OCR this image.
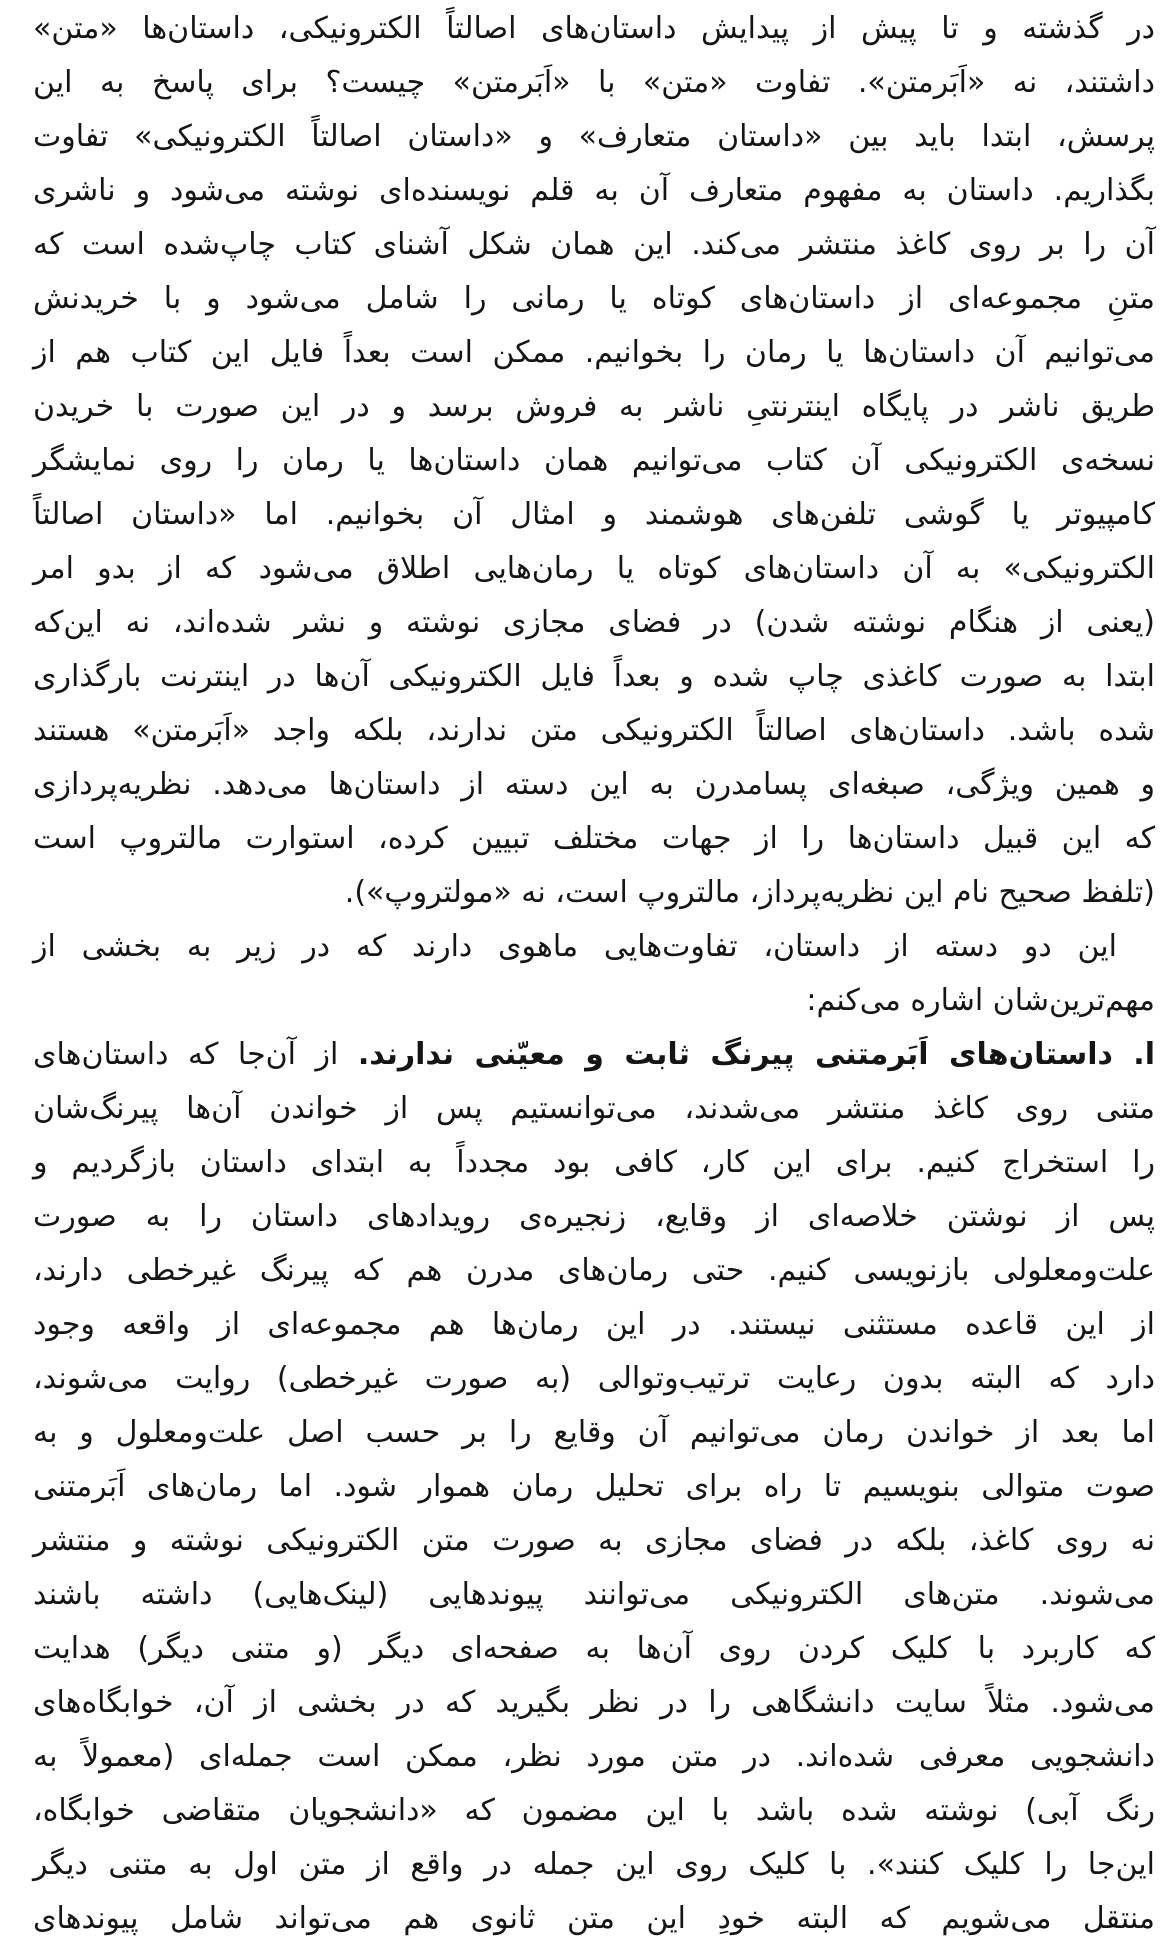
در گذشته و تا پیش از پیدایش داستان‌های اصالتاً الکترونیکی، داستان‌ها «متن»
داشتند، نه «اَبَرمتن». تفاوت «متن» با «اَبَرمتن» چیست؟ برای پاسخ به این
پرسش، ابتدا باید بین «داستان متعارف» و «داستان اصالتاً الکترونیکی» تفاوت
بگذاریم. داستان به مفهوم متعارف آن به قلم نویسنده‌ای نوشته می‌شود و ناشری
آن را بر روی کاغذ منتشر می‌کند. این همان شکل آشنای کتاب چاپ‌شده است که
متنِ مجموعه‌ای از داستان‌های کوتاه یا رمانی را شامل می‌شود و با خریدنش
می‌توانیم آن داستان‌ها یا رمان را بخوانیم. ممکن است بعداً فایل این کتاب هم از
طریق ناشر در پایگاه اینترنتیِ ناشر به فروش برسد و در این صورت با خریدن
نسخه‌ی الکترونیکی آن کتاب می‌توانیم همان داستان‌ها یا رمان را روی نمایشگر
کامپیوتر یا گوشی تلفن‌های هوشمند و امثال آن بخوانیم. اما «داستان اصالتاً
الکترونیکی» به آن داستان‌های کوتاه یا رمان‌هایی اطلاق می‌شود که از بدو امر
(یعنی از هنگام نوشته شدن) در فضای مجازی نوشته و نشر شده‌اند، نه این‌که
ابتدا به صورت کاغذی چاپ شده و بعداً فایل الکترونیکی آن‌ها در اینترنت بارگذاری
شده باشد. داستان‌های اصالتاً الکترونیکی متن ندارند، بلکه واجد «اَبَرمتن» هستند
و همین ویژگی، صبغه‌ای پسامدرن به این دسته از داستان‌ها می‌دهد. نظریه‌پردازی
که این قبیل داستان‌ها را از جهات مختلف تبیین کرده، استوارت مالتروپ است
(تلفظ صحیح نام این نظریه‌پرداز، مالتروپ است، نه «مولتروپ»).
این دو دسته از داستان، تفاوت‌هایی ماهوی دارند که در زیر به بخشی از
مهم‌ترین‌شان اشاره می‌کنم:
ا. داستان‌های اَبَرمتنی پیرنگ ثابت و معیّنی ندارند. از آن‌جا که داستان‌های
متنی روی کاغذ منتشر می‌شدند، می‌توانستیم پس از خواندن آن‌ها پیرنگ‌شان
را استخراج کنیم. برای این کار، کافی بود مجدداً به ابتدای داستان بازگردیم و
پس از نوشتن خلاصه‌ای از وقایع، زنجیره‌ی رویدادهای داستان را به صورت
علت‌ومعلولی بازنویسی کنیم. حتی رمان‌های مدرن هم که پیرنگ غیرخطی دارند،
از این قاعده مستثنی نیستند. در این رمان‌ها هم مجموعه‌ای از واقعه وجود
دارد که البته بدون رعایت ترتیب‌وتوالی (به صورت غیرخطی) روایت می‌شوند،
اما بعد از خواندن رمان می‌توانیم آن وقایع را بر حسب اصل علت‌ومعلول و به
صوت متوالی بنویسیم تا راه برای تحلیل رمان هموار شود. اما رمان‌های اَبَرمتنی
نه روی کاغذ، بلکه در فضای مجازی به صورت متن الکترونیکی نوشته و منتشر
می‌شوند. متن‌های الکترونیکی می‌توانند پیوندهایی (لینک‌هایی) داشته باشند
که کاربرد با کلیک کردن روی آن‌ها به صفحه‌ای دیگر (و متنی دیگر) هدایت
می‌شود. مثلاً سایت دانشگاهی را در نظر بگیرید که در بخشی از آن، خوابگاه‌های
دانشجویی معرفی شده‌اند. در متن مورد نظر، ممکن است جمله‌ای (معمولاً به
رنگ آبی) نوشته شده باشد با این مضمون که «دانشجویان متقاضی خوابگاه،
این‌جا را کلیک کنند». با کلیک روی این جمله در واقع از متن اول به متنی دیگر
منتقل می‌شویم که البته خودِ این متن ثانوی هم می‌تواند شامل پیوندهای
